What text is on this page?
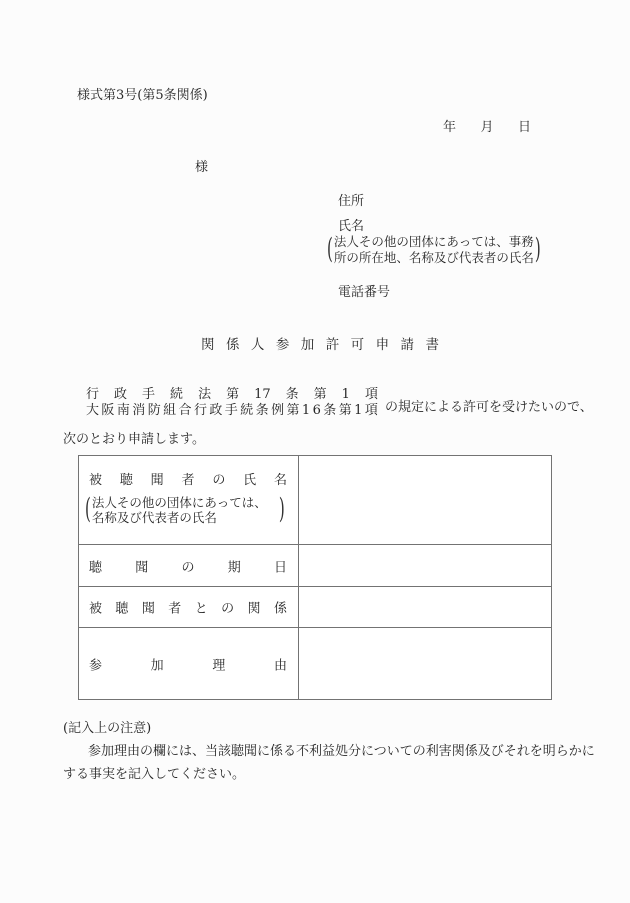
様式第3号(第5条関係)
年 月 日
様
住所
氏名
( 法人その他の団体にあっては、事務
所の所在地、名称及び代表者の氏名 )
電話番号
関 係 人 参 加 許 可 申 請 書
行 政 手 続 法 第 17 条 第 1 項
大 阪 南 消 防 組 合 行 政 手 続 条 例 第 1 6 条 第 1 項 の規定による許可を受けたいので、
次のとおり申請します。
被 聴 聞 者 の 氏 名
( 法人その他の団体にあっては、
名称及び代表者の氏名	)
聴	聞	の	期	日
被 聴 聞 者 と の 関 係
参	加	理	由
(記入上の注意)
参加理由の欄には、当該聴聞に係る不利益処分についての利害関係及びそれを明らかに
する事実を記入してください。
